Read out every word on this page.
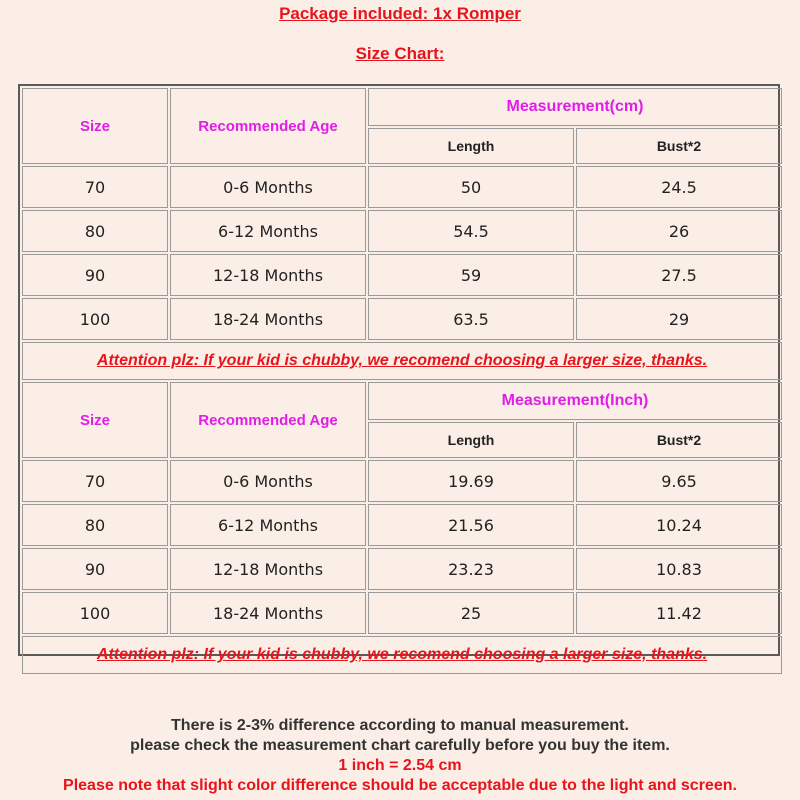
Package included: 1x Romper
Size Chart:
Size	Recommended Age	Measurement(cm)	
		Length	Bust*2
70	0-6 Months	50	24.5
80	6-12 Months	54.5	26
90	12-18 Months	59	27.5
100	18-24 Months	63.5	29
Attention plz: If your kid is chubby, we recomend choosing a larger size, thanks.			
Size	Recommended Age	Measurement(Inch)	
		Length	Bust*2
70	0-6 Months	19.69	9.65
80	6-12 Months	21.56	10.24
90	12-18 Months	23.23	10.83
100	18-24 Months	25	11.42
Attention plz: If your kid is chubby, we recomend choosing a larger size, thanks.			
There is 2-3% difference according to manual measurement.
please check the measurement chart carefully before you buy the item.
1 inch = 2.54 cm
Please note that slight color difference should be acceptable due to the light and screen.
